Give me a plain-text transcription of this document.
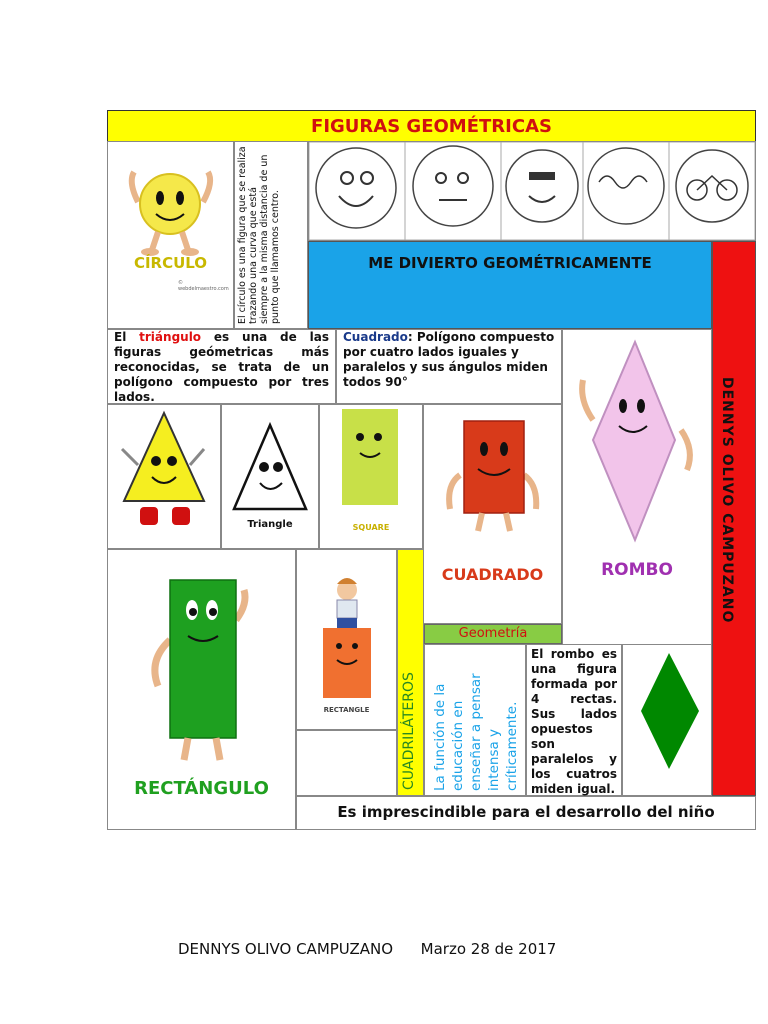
FIGURAS GEOMÉTRICAS
CÍRCULO
© webdelmaestro.com El círculo es una figura que se realiza trazando una curva que está siempre a la misma distancia de un punto que llamamos centro.	ME DIVIERTO GEOMÉTRICAMENTE
DENNYS OLIVO CAMPUZANO
El triángulo es una de las figuras geómetricas más reconocidas, se trata de un polígono compuesto por tres lados.
Cuadrado: Polígono compuesto por cuatro lados iguales y paralelos y sus ángulos miden todos 90°
ROMBO
Triangle	SQUARE
CUADRADO
RECTÁNGULO
RECTANGLE	CUADRILÁTEROS
Geometría
La función de la educación en enseñar a pensar intensa y críticamente.
El rombo es una figura formada por 4 rectas. Sus lados opuestos son paralelos y los cuatros miden igual.
Es imprescindible para el desarrollo del niño
DENNYS OLIVO CAMPUZANO Marzo 28 de 2017
